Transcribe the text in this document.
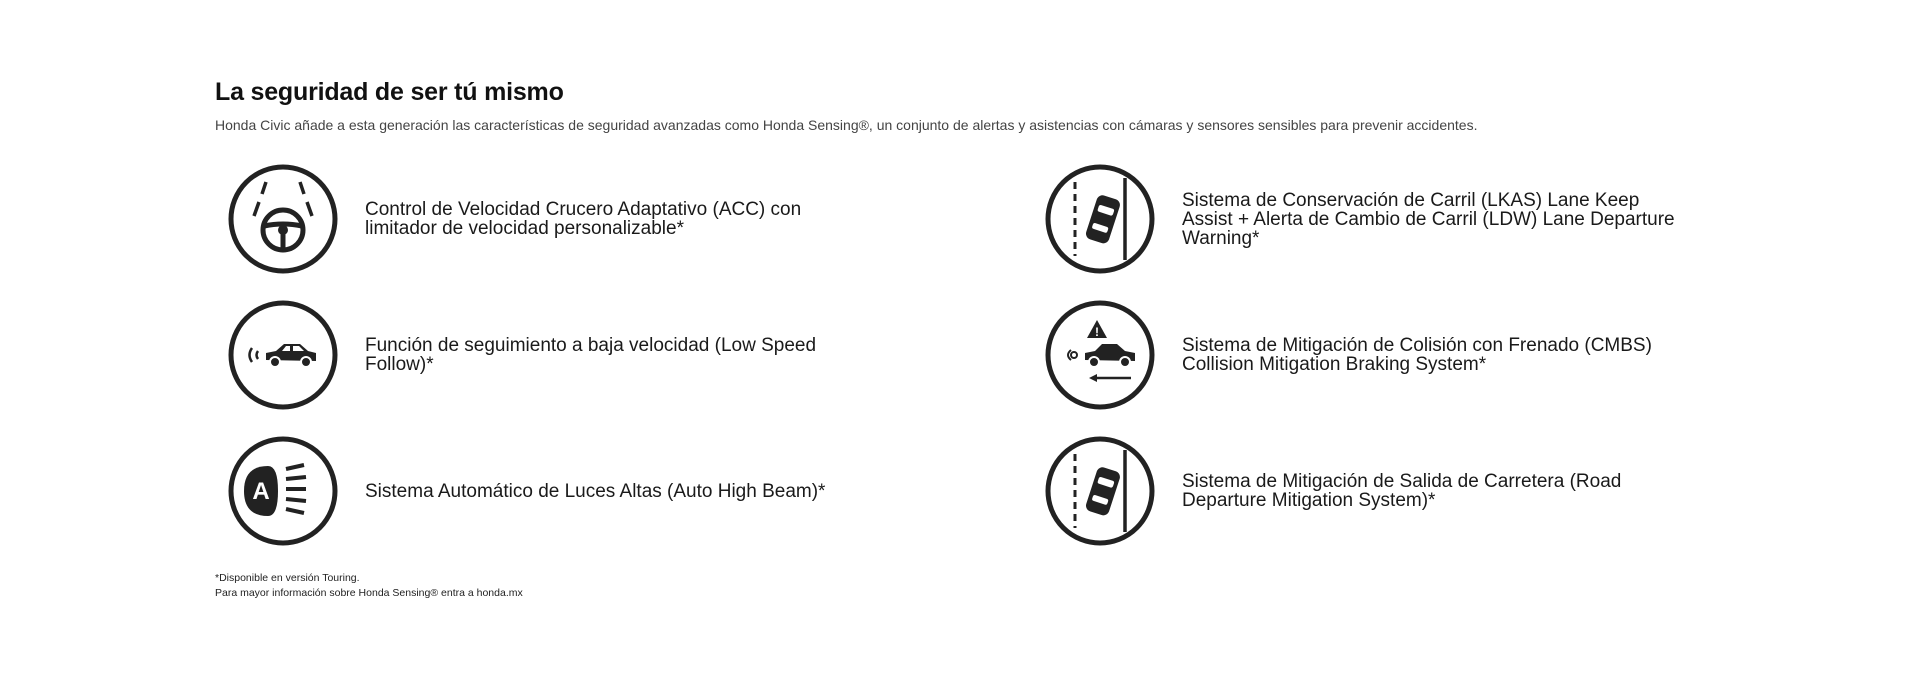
La seguridad de ser tú mismo
Honda Civic añade a esta generación las características de seguridad avanzadas como Honda Sensing®, un conjunto de alertas y asistencias con cámaras y sensores sensibles para prevenir accidentes.
Control de Velocidad Crucero Adaptativo (ACC) con
limitador de velocidad personalizable*
Función de seguimiento a baja velocidad (Low Speed
Follow)*
A	Sistema Automático de Luces Altas (Auto High Beam)*
Sistema de Conservación de Carril (LKAS) Lane Keep
Assist + Alerta de Cambio de Carril (LDW) Lane Departure
Warning*
!
Sistema de Mitigación de Colisión con Frenado (CMBS)
Collision Mitigation Braking System*
Sistema de Mitigación de Salida de Carretera (Road
Departure Mitigation System)*
*Disponible en versión Touring.
Para mayor información sobre Honda Sensing® entra a honda.mx
